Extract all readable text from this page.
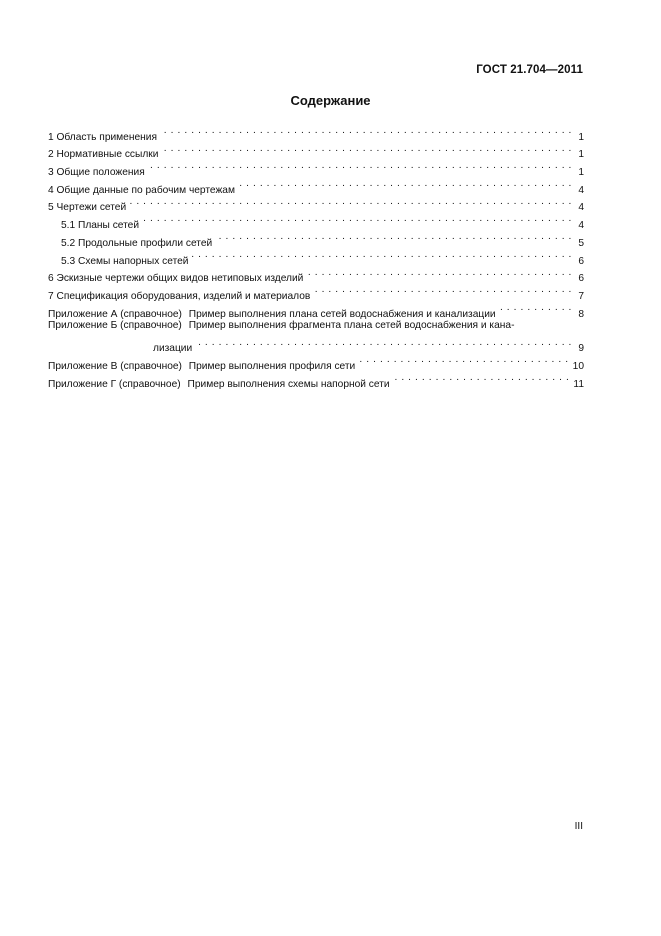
ГОСТ 21.704—2011
Содержание
1 Область применения . . .	1
2 Нормативные ссылки . . .	1
3 Общие положения . . .	1
4 Общие данные по рабочим чертежам . . .	4
5 Чертежи сетей . . .	4
5.1 Планы сетей . . .	4
5.2 Продольные профили сетей . . .	5
5.3 Схемы напорных сетей . . .	6
6 Эскизные чертежи общих видов нетиповых изделий . . .	6
7 Спецификация оборудования, изделий и материалов . . .	7
Приложение А (справочное) Пример выполнения плана сетей водоснабжения и канализации . . .	8
Приложение Б (справочное) Пример выполнения фрагмента плана сетей водоснабжения и кана-
лизации . . .	9
Приложение В (справочное) Пример выполнения профиля сети . . .	10
Приложение Г (справочное) Пример выполнения схемы напорной сети . . .	11
III
